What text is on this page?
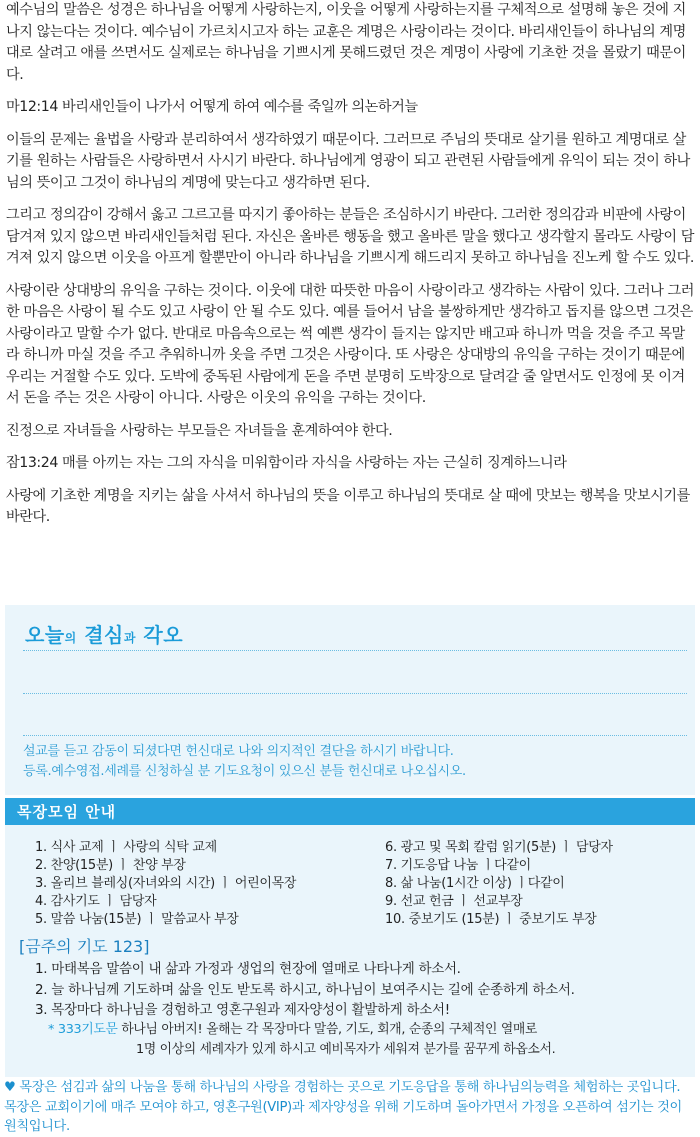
예수님의 말씀은 성경은 하나님을 어떻게 사랑하는지, 이웃을 어떻게 사랑하는지를 구체적으로 설명해 놓은 것에 지나지 않는다는 것이다. 예수님이 가르치시고자 하는 교훈은 계명은 사랑이라는 것이다. 바리새인들이 하나님의 계명대로 살려고 애를 쓰면서도 실제로는 하나님을 기쁘시게 못해드렸던 것은 계명이 사랑에 기초한 것을 몰랐기 때문이다.

마12:14 바리새인들이 나가서 어떻게 하여 예수를 죽일까 의논하거늘

이들의 문제는 율법을 사랑과 분리하여서 생각하였기 때문이다. 그러므로 주님의 뜻대로 살기를 원하고 계명대로 살기를 원하는 사람들은 사랑하면서 사시기 바란다. 하나님에게 영광이 되고 관련된 사람들에게 유익이 되는 것이 하나님의 뜻이고 그것이 하나님의 계명에 맞는다고 생각하면 된다.

그리고 정의감이 강해서 옳고 그르고를 따지기 좋아하는 분들은 조심하시기 바란다. 그러한 정의감과 비판에 사랑이 담겨져 있지 않으면 바리새인들처럼 된다. 자신은 올바른 행동을 했고 올바른 말을 했다고 생각할지 몰라도 사랑이 담겨져 있지 않으면 이웃을 아프게 할뿐만이 아니라 하나님을 기쁘시게 해드리지 못하고 하나님을 진노케 할 수도 있다.

사랑이란 상대방의 유익을 구하는 것이다. 이웃에 대한 따뜻한 마음이 사랑이라고 생각하는 사람이 있다. 그러나 그러한 마음은 사랑이 될 수도 있고 사랑이 안 될 수도 있다. 예를 들어서 남을 불쌍하게만 생각하고 돕지를 않으면 그것은 사랑이라고 말할 수가 없다. 반대로 마음속으로는 썩 예쁜 생각이 들지는 않지만 배고파 하니까 먹을 것을 주고 목말라 하니까 마실 것을 주고 추워하니까 옷을 주면 그것은 사랑이다. 또 사랑은 상대방의 유익을 구하는 것이기 때문에 우리는 거절할 수도 있다. 도박에 중독된 사람에게 돈을 주면 분명히 도박장으로 달려갈 줄 알면서도 인정에 못 이겨서 돈을 주는 것은 사랑이 아니다. 사랑은 이웃의 유익을 구하는 것이다.

진정으로 자녀들을 사랑하는 부모들은 자녀들을 훈계하여야 한다.

잠13:24 매를 아끼는 자는 그의 자식을 미워함이라 자식을 사랑하는 자는 근실히 징계하느니라

사랑에 기초한 계명을 지키는 삶을 사셔서 하나님의 뜻을 이루고 하나님의 뜻대로 살 때에 맛보는 행복을 맛보시기를 바란다.

오늘의 결심과 각오
설교를 듣고 감동이 되셨다면 헌신대로 나와 의지적인 결단을 하시기 바랍니다.
등록.예수영접.세례를 신청하실 분 기도요청이 있으신 분들 헌신대로 나오십시오.
목장모임 안내
1. 식사 교제 ㅣ 사랑의 식탁 교제
2. 찬양(15분) ㅣ 찬양 부장
3. 올리브 블레싱(자녀와의 시간) ㅣ 어린이목장
4. 감사기도 ㅣ 담당자
5. 말씀 나눔(15분) ㅣ 말씀교사 부장
6. 광고 및 목회 칼럼 읽기(5분) ㅣ 담당자
7. 기도응답 나눔 ㅣ다같이
8. 삶 나눔(1시간 이상) ㅣ다같이
9. 선교 헌금 ㅣ 선교부장
10. 중보기도 (15분) ㅣ 중보기도 부장
[금주의 기도 123]
1. 마태복음 말씀이 내 삶과 가정과 생업의 현장에 열매로 나타나게 하소서.
2. 늘 하나님께 기도하며 삶을 인도 받도록 하시고, 하나님이 보여주시는 길에 순종하게 하소서.
3. 목장마다 하나님을 경험하고 영혼구원과 제자양성이 활발하게 하소서!
* 333기도문 하나님 아버지! 올해는 각 목장마다 말씀, 기도, 회개, 순종의 구체적인 열매로
1명 이상의 세례자가 있게 하시고 예비목자가 세워져 분가를 꿈꾸게 하옵소서.
♥ 목장은 섬김과 삶의 나눔을 통해 하나님의 사랑을 경험하는 곳으로 기도응답을 통해 하나님의능력을 체험하는 곳입니다. 목장은 교회이기에 매주 모여야 하고, 영혼구원(VIP)과 제자양성을 위해 기도하며 돌아가면서 가정을 오픈하여 섬기는 것이 원칙입니다.
